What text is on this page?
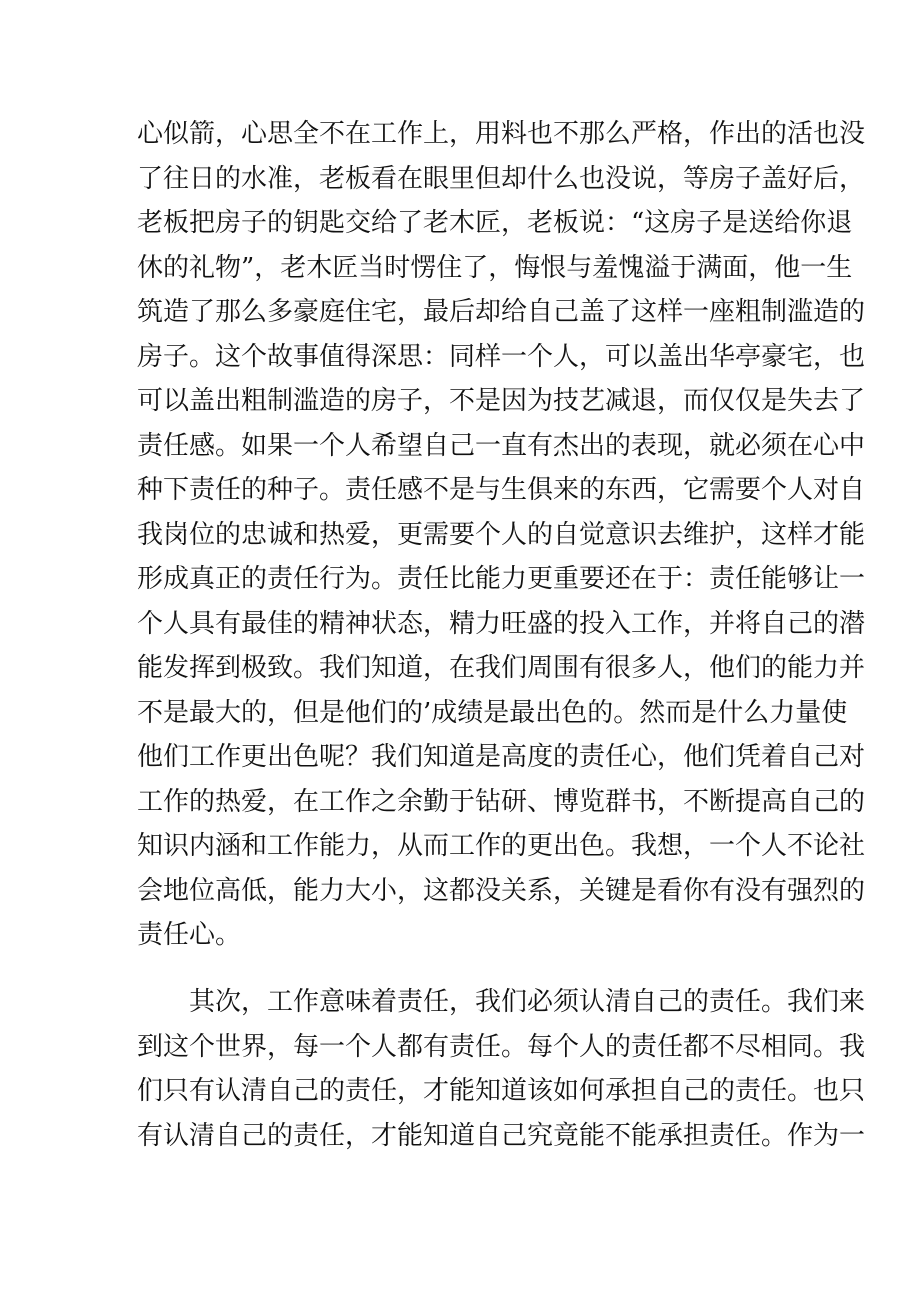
心似箭，心思全不在工作上，用料也不那么严格，作出的活也没
了往日的水准，老板看在眼里但却什么也没说，等房子盖好后，
老板把房子的钥匙交给了老木匠，老板说：“这房子是送给你退
休的礼物”，老木匠当时愣住了，悔恨与羞愧溢于满面，他一生
筑造了那么多豪庭住宅，最后却给自己盖了这样一座粗制滥造的
房子。这个故事值得深思：同样一个人，可以盖出华亭豪宅，也
可以盖出粗制滥造的房子，不是因为技艺减退，而仅仅是失去了
责任感。如果一个人希望自己一直有杰出的表现，就必须在心中
种下责任的种子。责任感不是与生俱来的东西，它需要个人对自
我岗位的忠诚和热爱，更需要个人的自觉意识去维护，这样才能
形成真正的责任行为。责任比能力更重要还在于：责任能够让一
个人具有最佳的精神状态，精力旺盛的投入工作，并将自己的潜
能发挥到极致。我们知道，在我们周围有很多人，他们的能力并
不是最大的，但是他们的’成绩是最出色的。然而是什么力量使
他们工作更出色呢？我们知道是高度的责任心，他们凭着自己对
工作的热爱，在工作之余勤于钻研、博览群书，不断提高自己的
知识内涵和工作能力，从而工作的更出色。我想，一个人不论社
会地位高低，能力大小，这都没关系，关键是看你有没有强烈的
责任心。
　　其次，工作意味着责任，我们必须认清自己的责任。我们来
到这个世界，每一个人都有责任。每个人的责任都不尽相同。我
们只有认清自己的责任，才能知道该如何承担自己的责任。也只
有认清自己的责任，才能知道自己究竟能不能承担责任。作为一
